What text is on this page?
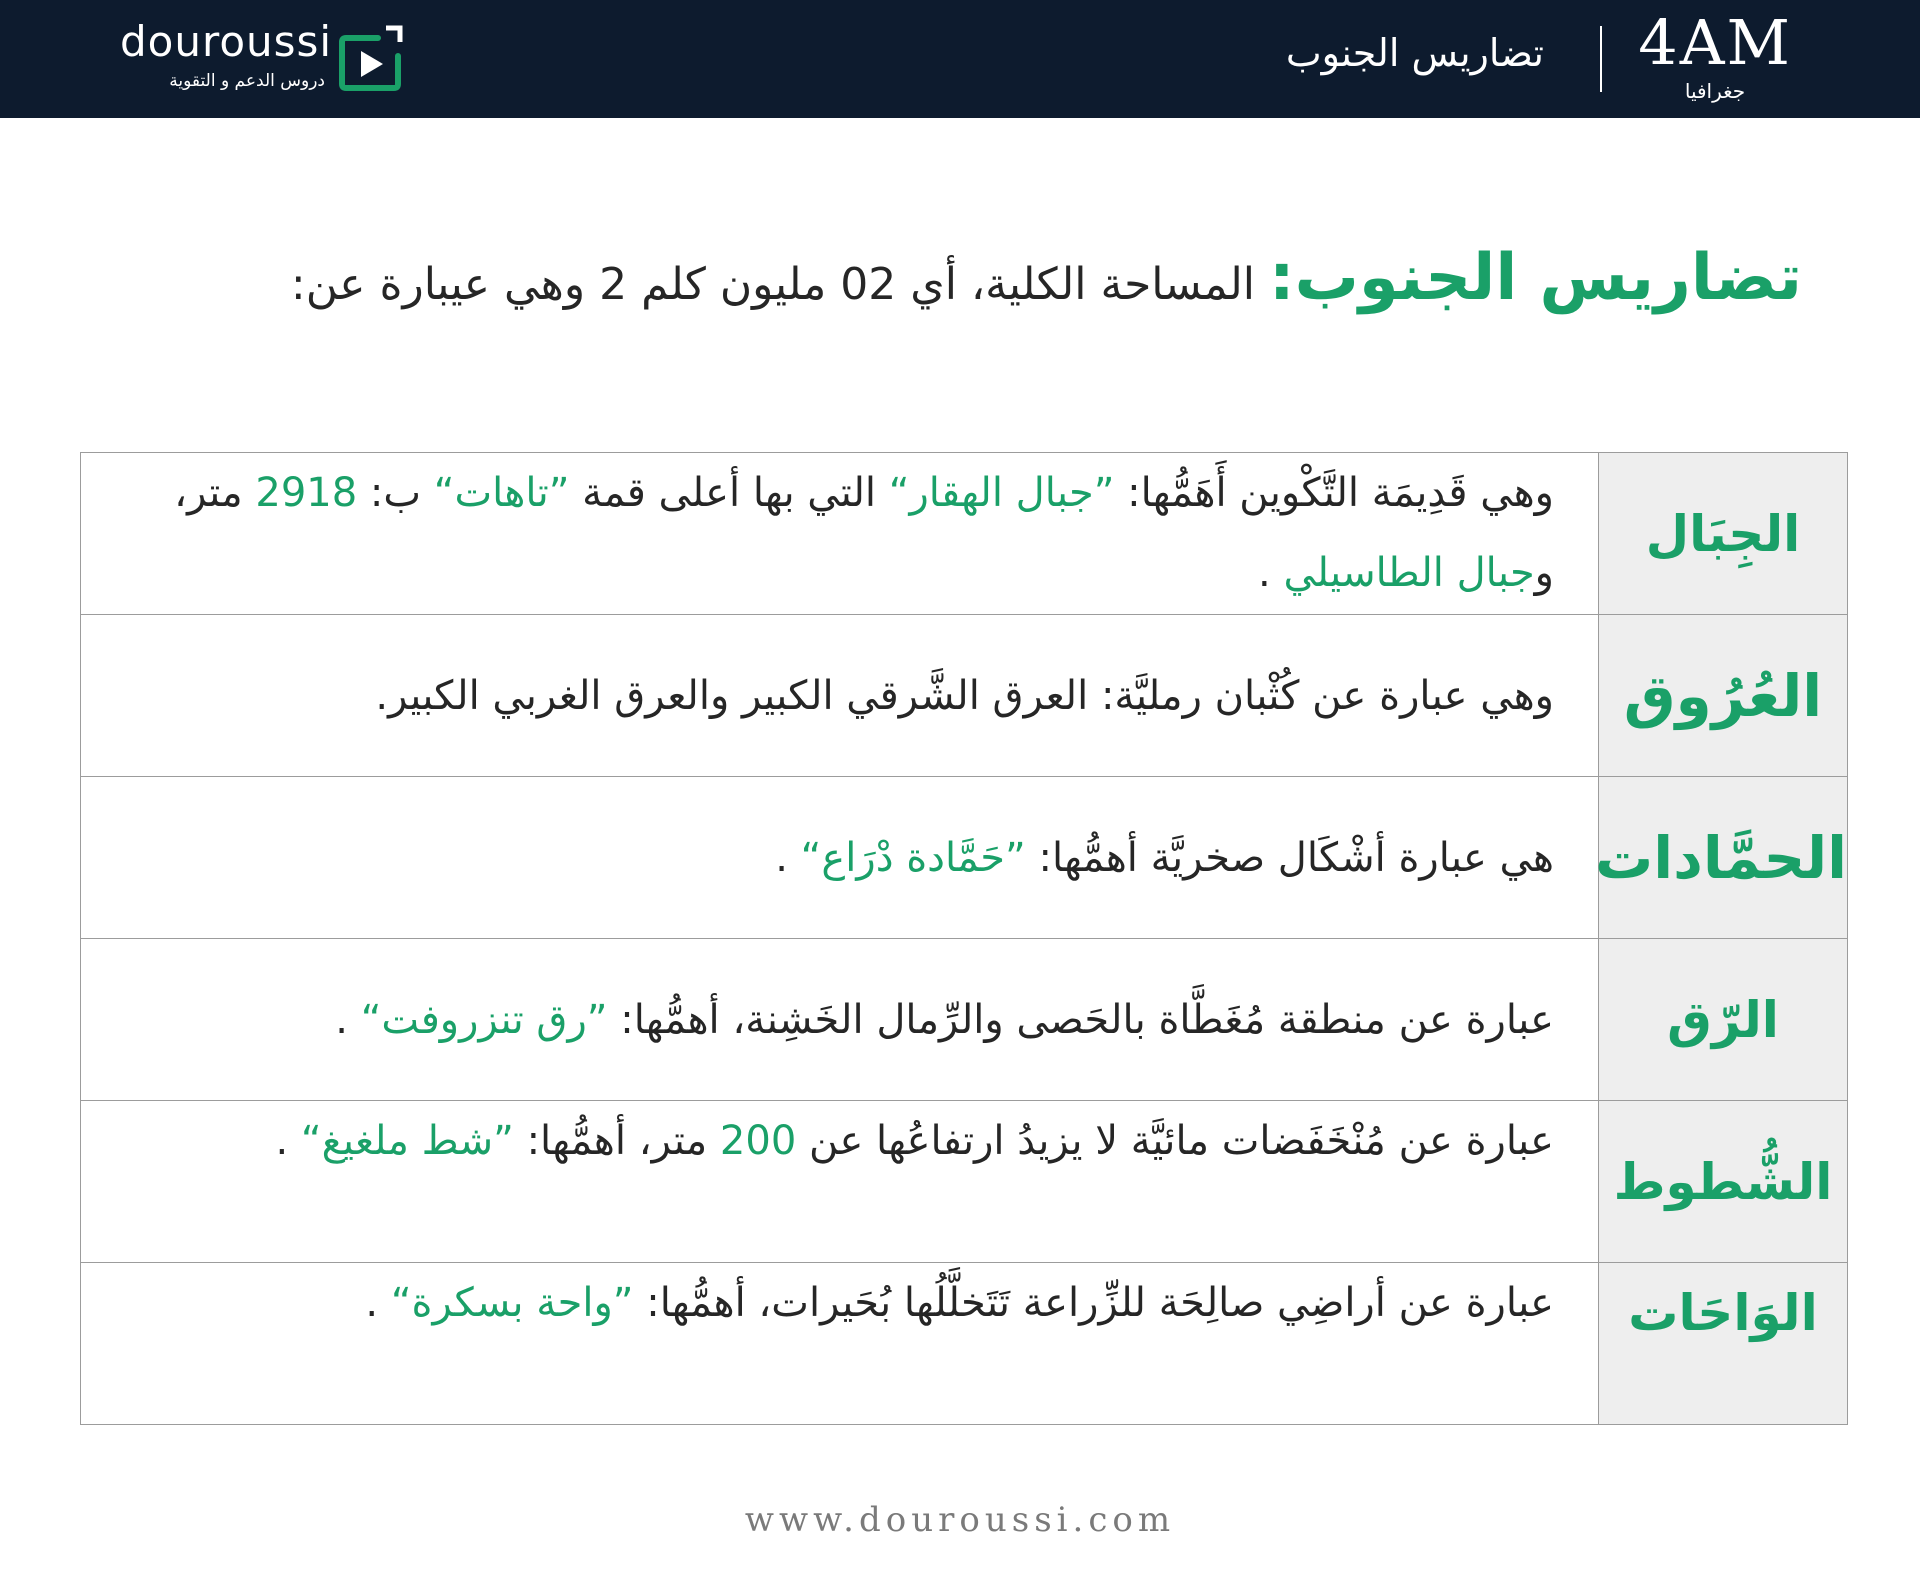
douroussi
دروس الدعم و التقوية
تضاريس الجنوب 4AM
جغرافيا
تضاريس الجنوب: المساحة الكلية، أي 02 مليون كلم 2 وهي عيبارة عن:
الجِبَال	وهي قَدِيمَة التَّكْوين أَهَمُّها: ”جبال الهقار“ التي بها أعلى قمة ”تاهات“ ب: 2918 متر، وجبال الطاسيلي .
العُرُوق	وهي عبارة عن كُثْبان رمليَّة: العرق الشَّرقي الكبير والعرق الغربي الكبير.
الحمَّادات	هي عبارة أشْكَال صخريَّة أهمُّها: ”حَمَّادة دْرَاع“ .
الرّق	عبارة عن منطقة مُغَطَّاة بالحَصى والرِّمال الخَشِنة، أهمُّها: ”رق تنزروفت“ .
الشُّطوط	عبارة عن مُنْخَفَضات مائيَّة لا يزيدُ ارتفاعُها عن 200 متر، أهمُّها: ”شط ملغيغ“ .
الوَاحَات	عبارة عن أراضِي صالِحَة للزِّراعة تَتَخلَّلُها بُحَيرات، أهمُّها: ”واحة بسكرة“ .
www.douroussi.com
